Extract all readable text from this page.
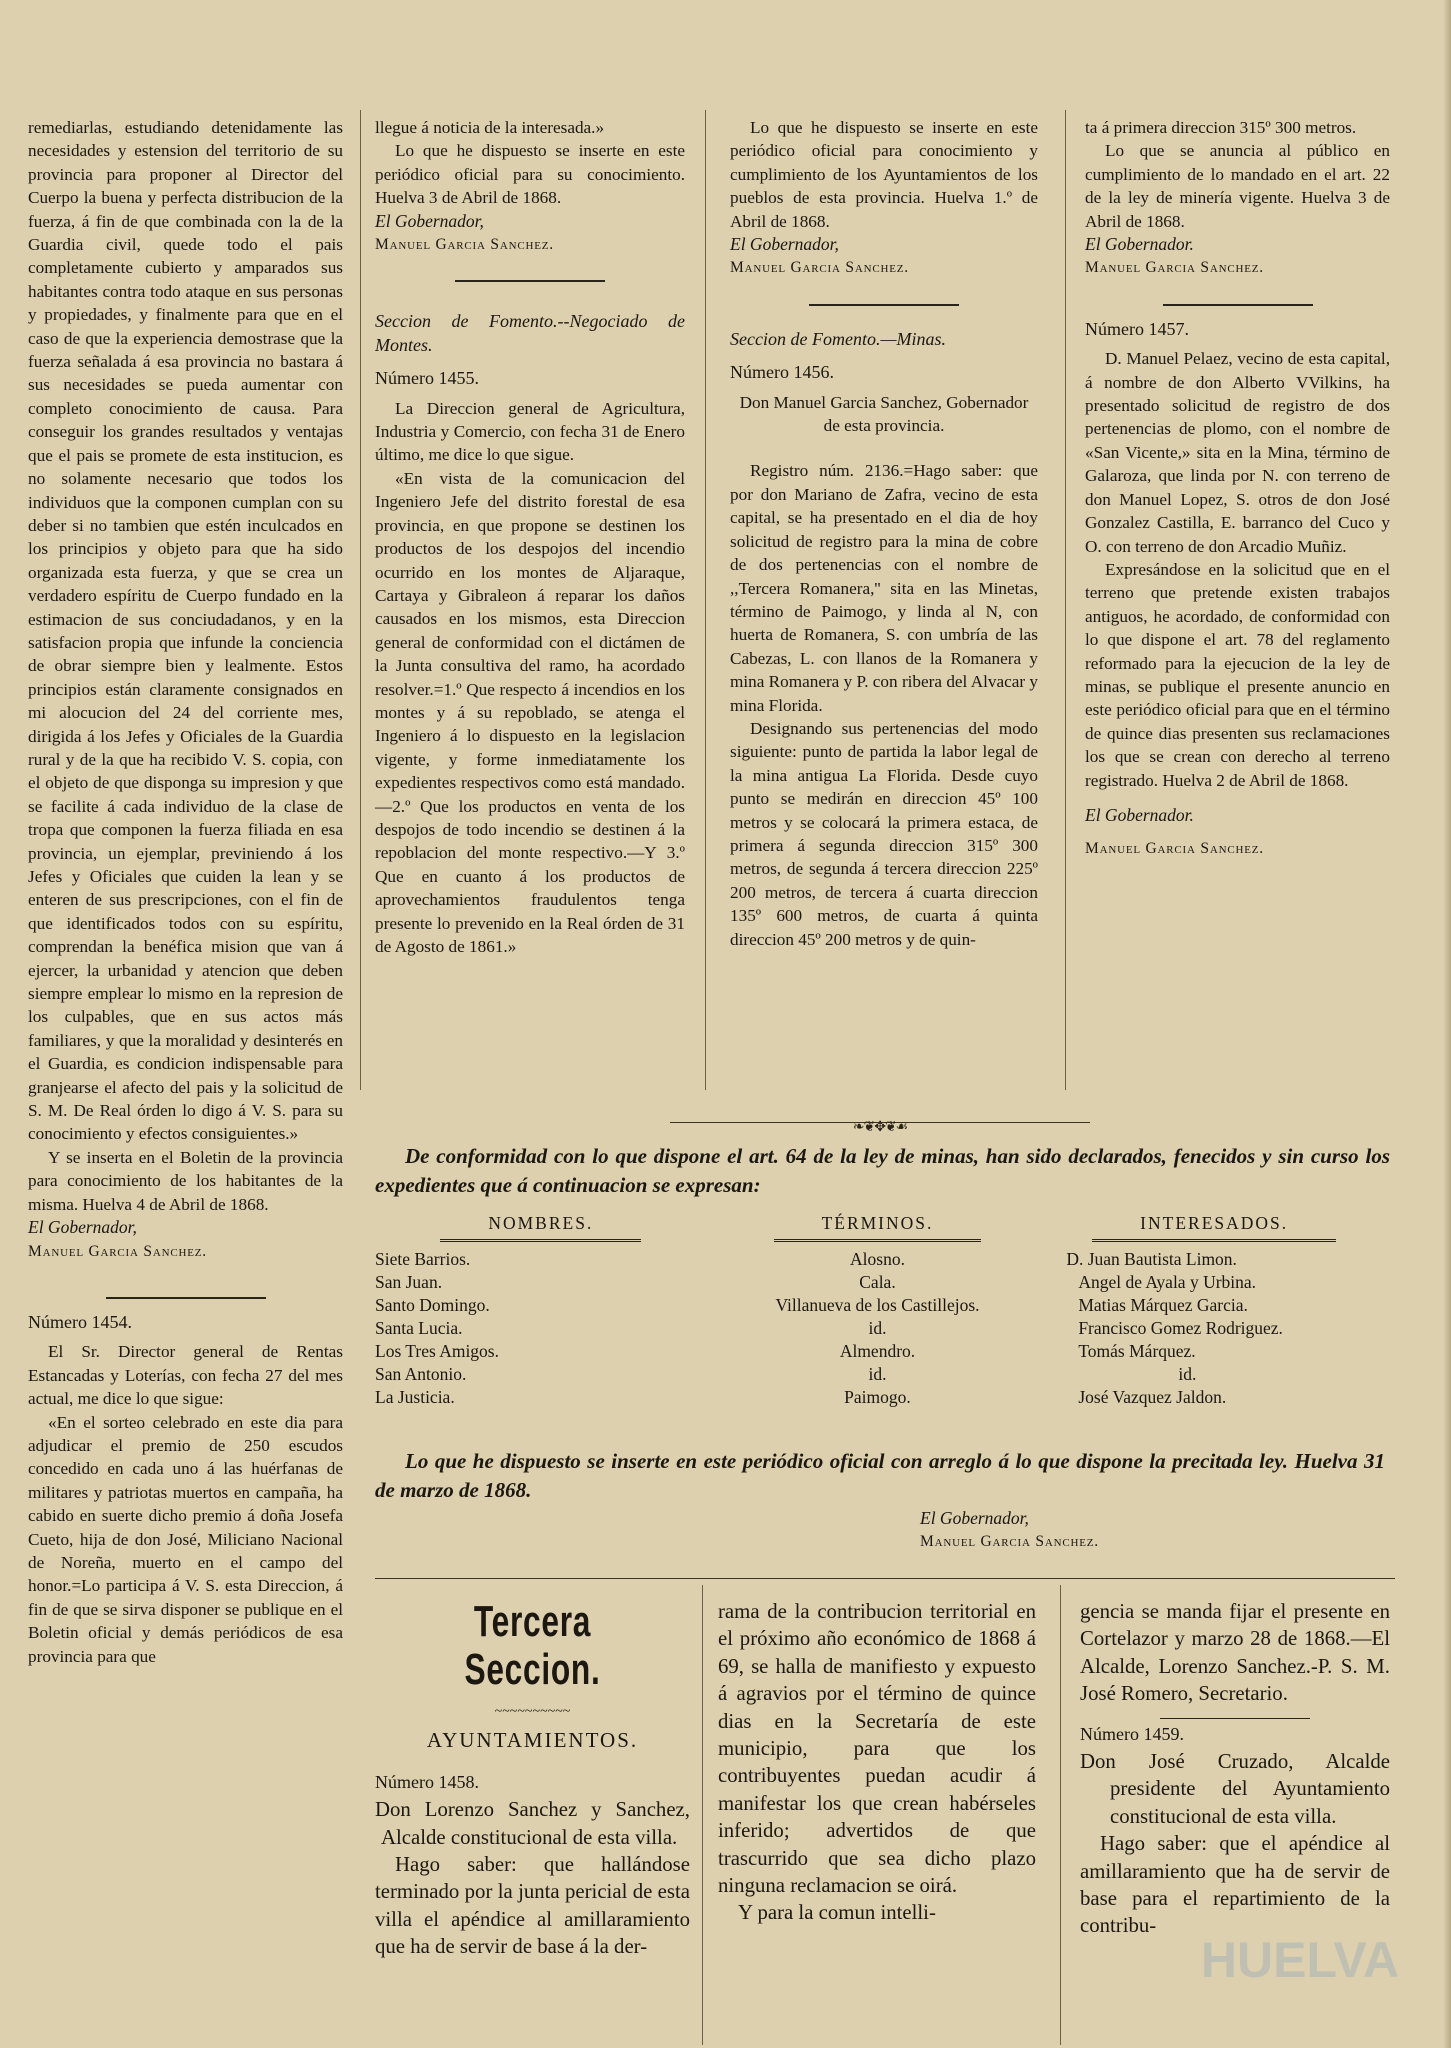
remediarlas, estudiando detenidamente las necesidades y estension del territorio de su provincia para proponer al Director del Cuerpo la buena y perfecta distribucion de la fuerza, á fin de que combinada con la de la Guardia civil, quede todo el pais completamente cubierto y amparados sus habitantes contra todo ataque en sus personas y propiedades, y finalmente para que en el caso de que la experiencia demostrase que la fuerza señalada á esa provincia no bastara á sus necesidades se pueda aumentar con completo conocimiento de causa. Para conseguir los grandes resultados y ventajas que el pais se promete de esta institucion, es no solamente necesario que todos los individuos que la componen cumplan con su deber si no tambien que estén inculcados en los principios y objeto para que ha sido organizada esta fuerza, y que se crea un verdadero espíritu de Cuerpo fundado en la estimacion de sus conciudadanos, y en la satisfacion propia que infunde la conciencia de obrar siempre bien y lealmente. Estos principios están claramente consignados en mi alocucion del 24 del corriente mes, dirigida á los Jefes y Oficiales de la Guardia rural y de la que ha recibido V. S. copia, con el objeto de que disponga su impresion y que se facilite á cada individuo de la clase de tropa que componen la fuerza filiada en esa provincia, un ejemplar, previniendo á los Jefes y Oficiales que cuiden la lean y se enteren de sus prescripciones, con el fin de que identificados todos con su espíritu, comprendan la benéfica mision que van á ejercer, la urbanidad y atencion que deben siempre emplear lo mismo en la represion de los culpables, que en sus actos más familiares, y que la moralidad y desinterés en el Guardia, es condicion indispensable para granjearse el afecto del pais y la solicitud de S. M. De Real órden lo digo á V. S. para su conocimiento y efectos consiguientes.»

Y se inserta en el Boletin de la provincia para conocimiento de los habitantes de la misma. Huelva 4 de Abril de 1868.

El Gobernador,

Manuel Garcia Sanchez.

Número 1454.

El Sr. Director general de Rentas Estancadas y Loterías, con fecha 27 del mes actual, me dice lo que sigue:

«En el sorteo celebrado en este dia para adjudicar el premio de 250 escudos concedido en cada uno á las huérfanas de militares y patriotas muertos en campaña, ha cabido en suerte dicho premio á doña Josefa Cueto, hija de don José, Miliciano Nacional de Noreña, muerto en el campo del honor.=Lo participa á V. S. esta Direccion, á fin de que se sirva disponer se publique en el Boletin oficial y demás periódicos de esa provincia para que

llegue á noticia de la interesada.»

Lo que he dispuesto se inserte en este periódico oficial para su conocimiento. Huelva 3 de Abril de 1868.

El Gobernador,

Manuel Garcia Sanchez.

Seccion de Fomento.--Negociado de Montes.

Número 1455.

La Direccion general de Agricultura, Industria y Comercio, con fecha 31 de Enero último, me dice lo que sigue.

«En vista de la comunicacion del Ingeniero Jefe del distrito forestal de esa provincia, en que propone se destinen los productos de los despojos del incendio ocurrido en los montes de Aljaraque, Cartaya y Gibraleon á reparar los daños causados en los mismos, esta Direccion general de conformidad con el dictámen de la Junta consultiva del ramo, ha acordado resolver.=1.º Que respecto á incendios en los montes y á su repoblado, se atenga el Ingeniero á lo dispuesto en la legislacion vigente, y forme inmediatamente los expedientes respectivos como está mandado.—2.º Que los productos en venta de los despojos de todo incendio se destinen á la repoblacion del monte respectivo.—Y 3.º Que en cuanto á los productos de aprovechamientos fraudulentos tenga presente lo prevenido en la Real órden de 31 de Agosto de 1861.»

Lo que he dispuesto se inserte en este periódico oficial para conocimiento y cumplimiento de los Ayuntamientos de los pueblos de esta provincia. Huelva 1.º de Abril de 1868.

El Gobernador,

Manuel Garcia Sanchez.

Seccion de Fomento.—Minas.

Número 1456.

Don Manuel Garcia Sanchez, Gobernador de esta provincia.

Registro núm. 2136.=Hago saber: que por don Mariano de Zafra, vecino de esta capital, se ha presentado en el dia de hoy solicitud de registro para la mina de cobre de dos pertenencias con el nombre de ,,Tercera Romanera,'' sita en las Minetas, término de Paimogo, y linda al N, con huerta de Romanera, S. con umbría de las Cabezas, L. con llanos de la Romanera y mina Romanera y P. con ribera del Alvacar y mina Florida.

Designando sus pertenencias del modo siguiente: punto de partida la labor legal de la mina antigua La Florida. Desde cuyo punto se medirán en direccion 45º 100 metros y se colocará la primera estaca, de primera á segunda direccion 315º 300 metros, de segunda á tercera direccion 225º 200 metros, de tercera á cuarta direccion 135º 600 metros, de cuarta á quinta direccion 45º 200 metros y de quin-

ta á primera direccion 315º 300 metros.

Lo que se anuncia al público en cumplimiento de lo mandado en el art. 22 de la ley de minería vigente. Huelva 3 de Abril de 1868.

El Gobernador.

Manuel Garcia Sanchez.

Número 1457.

D. Manuel Pelaez, vecino de esta capital, á nombre de don Alberto VVilkins, ha presentado solicitud de registro de dos pertenencias de plomo, con el nombre de «San Vicente,» sita en la Mina, término de Galaroza, que linda por N. con terreno de don Manuel Lopez, S. otros de don José Gonzalez Castilla, E. barranco del Cuco y O. con terreno de don Arcadio Muñiz.

Expresándose en la solicitud que en el terreno que pretende existen trabajos antiguos, he acordado, de conformidad con lo que dispone el art. 78 del reglamento reformado para la ejecucion de la ley de minas, se publique el presente anuncio en este periódico oficial para que en el término de quince dias presenten sus reclamaciones los que se crean con derecho al terreno registrado. Huelva 2 de Abril de 1868.

El Gobernador.

Manuel Garcia Sanchez.

❧❦✥❦☙

De conformidad con lo que dispone el art. 64 de la ley de minas, han sido declarados, fenecidos y sin curso los expedientes que á continuacion se expresan:

NOMBRES.	TÉRMINOS.	INTERESADOS.
Siete Barrios.	Alosno.	D. Juan Bautista Limon.
San Juan.	Cala.	Angel de Ayala y Urbina.
Santo Domingo.	Villanueva de los Castillejos.	Matias Márquez Garcia.
Santa Lucia.	id.	Francisco Gomez Rodriguez.
Los Tres Amigos.	Almendro.	Tomás Márquez.
San Antonio.	id.	id.
La Justicia.	Paimogo.	José Vazquez Jaldon.

Lo que he dispuesto se inserte en este periódico oficial con arreglo á lo que dispone la precitada ley. Huelva 31 de marzo de 1868.

El Gobernador,

Manuel Garcia Sanchez.

Tercera Seccion.
~~~~~~~~~~
AYUNTAMIENTOS.

Número 1458.

Don Lorenzo Sanchez y Sanchez, Alcalde constitucional de esta villa.

Hago saber: que hallándose terminado por la junta pericial de esta villa el apéndice al amillaramiento que ha de servir de base á la der-

rama de la contribucion territorial en el próximo año económico de 1868 á 69, se halla de manifiesto y expuesto á agravios por el término de quince dias en la Secretaría de este municipio, para que los contribuyentes puedan acudir á manifestar los que crean habérseles inferido; advertidos de que trascurrido que sea dicho plazo ninguna reclamacion se oirá.

Y para la comun intelli-

gencia se manda fijar el presente en Cortelazor y marzo 28 de 1868.—El Alcalde, Lorenzo Sanchez.-P. S. M. José Romero, Secretario.

Número 1459.

Don José Cruzado, Alcalde presidente del Ayuntamiento constitucional de esta villa.

Hago saber: que el apéndice al amillaramiento que ha de servir de base para el repartimiento de la contribu-

HUELVA
